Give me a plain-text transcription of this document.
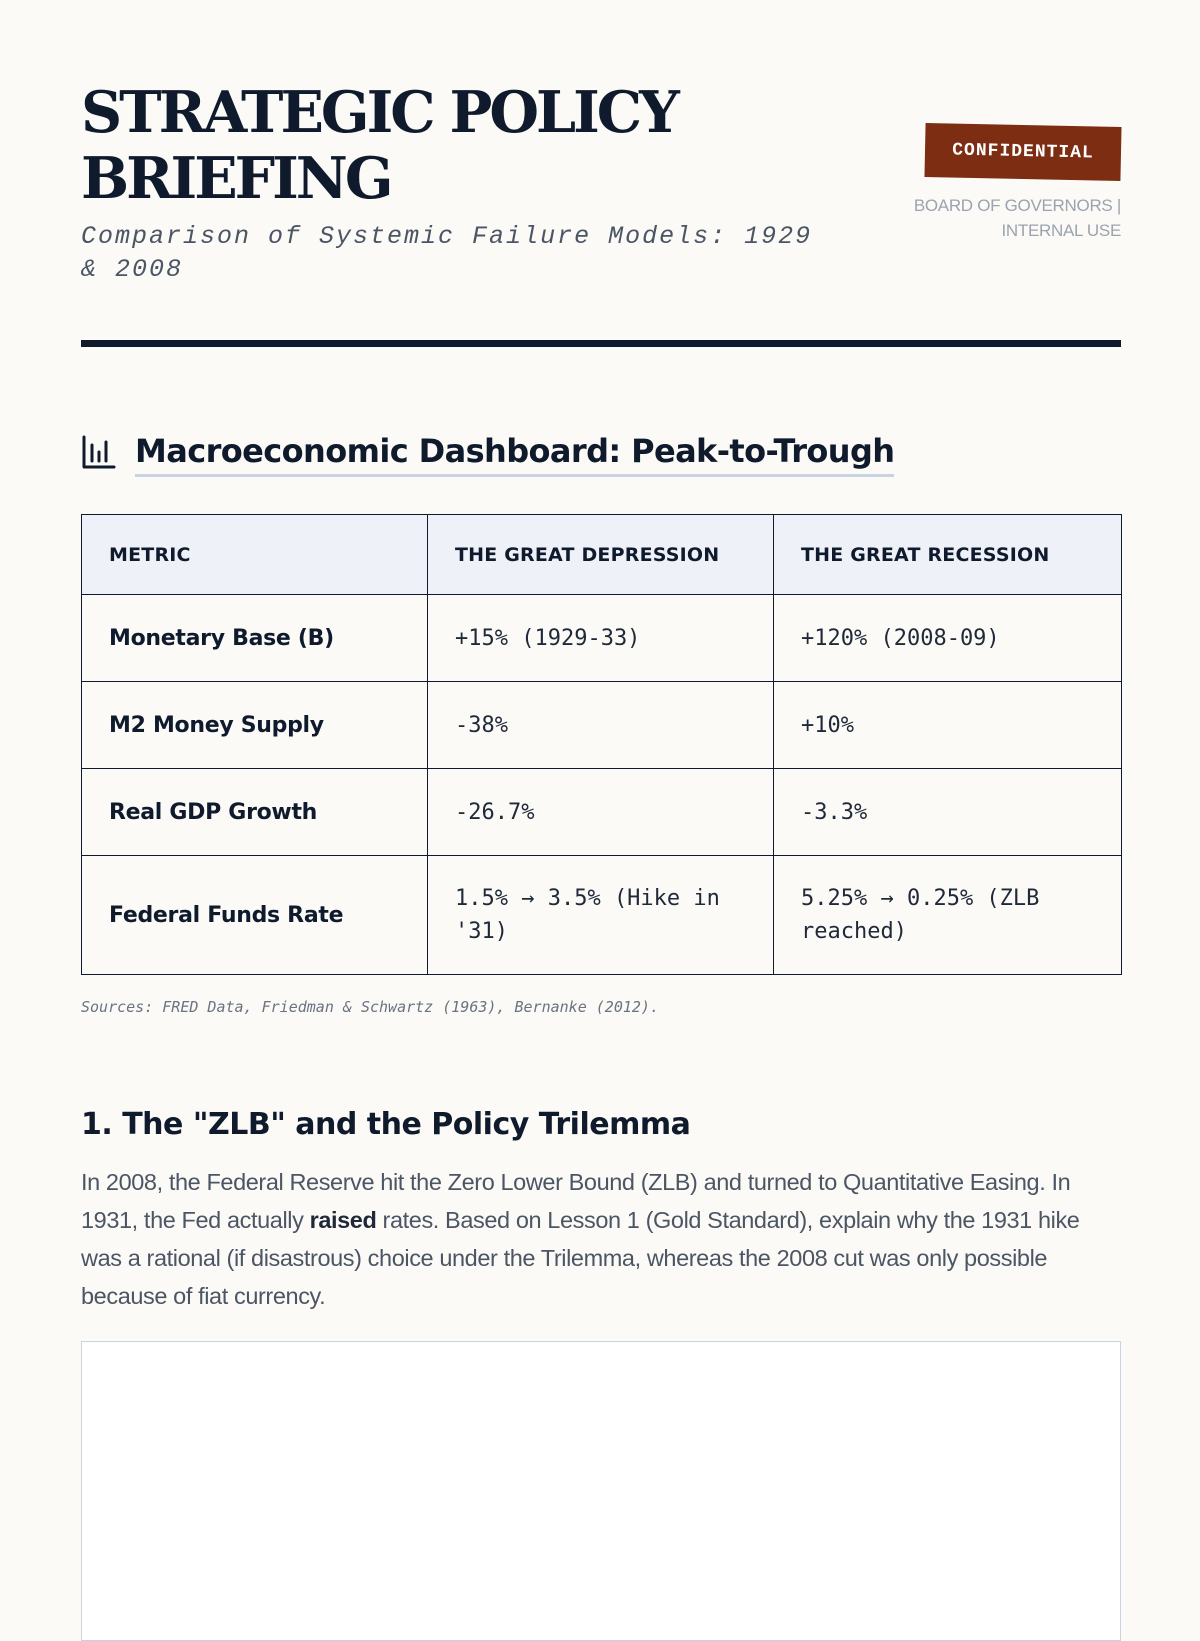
STRATEGIC POLICY
BRIEFING

Comparison of Systemic Failure Models: 1929 & 2008

CONFIDENTIAL
BOARD OF GOVERNORS | INTERNAL USE
Macroeconomic Dashboard: Peak-to-Trough
METRIC	THE GREAT DEPRESSION	THE GREAT RECESSION
Monetary Base (B)	+15% (1929-33)	+120% (2008-09)
M2 Money Supply	-38%	+10%
Real GDP Growth	-26.7%	-3.3%
Federal Funds Rate	1.5% → 3.5% (Hike in '31)	5.25% → 0.25% (ZLB reached)
Sources: FRED Data, Friedman & Schwartz (1963), Bernanke (2012).
1. The "ZLB" and the Policy Trilemma

In 2008, the Federal Reserve hit the Zero Lower Bound (ZLB) and turned to Quantitative Easing. In 1931, the Fed actually raised rates. Based on Lesson 1 (Gold Standard), explain why the 1931 hike was a rational (if disastrous) choice under the Trilemma, whereas the 2008 cut was only possible because of fiat currency.
